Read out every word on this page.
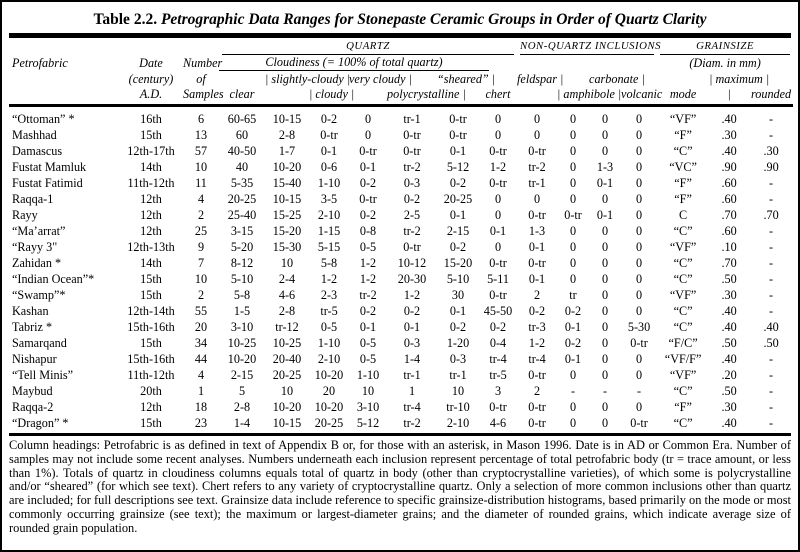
Table 2.2. Petrographic Data Ranges for Stonepaste Ceramic Groups in Order of Quartz Clarity

			QUARTZ							NON-QUARTZ INCLUSIONS				GRAINSIZE		

Petrofabric	Date	Number	Cloudiness (= 100% of total quartz)											(Diam. in mm)		
	(century)	of		| slightly-cloudy |		very cloudy |		“sheared” |		feldspar |		carbonate |			| maximum |	
	A.D.	Samples	clear		| cloudy |		polycrystalline |		chert		| amphibole |		volcanic	mode	|	rounded
“Ottoman” *	16th	6	60-65	10-15	0-2	0	tr-1	0-tr	0	0	0	0	0	“VF”	.40	-
Mashhad	15th	13	60	2-8	0-tr	0	0-tr	0-tr	0	0	0	0	0	“F”	.30	-
Damascus	12th-17th	57	40-50	1-7	0-1	0-tr	0-tr	0-1	0-tr	0-tr	0	0	0	“C”	.40	.30
Fustat Mamluk	14th	10	40	10-20	0-6	0-1	tr-2	5-12	1-2	tr-2	0	1-3	0	“VC”	.90	.90
Fustat Fatimid	11th-12th	11	5-35	15-40	1-10	0-2	0-3	0-2	0-tr	tr-1	0	0-1	0	“F”	.60	-
Raqqa-1	12th	4	20-25	10-15	3-5	0-tr	0-2	20-25	0	0	0	0	0	“F”	.60	-
Rayy	12th	2	25-40	15-25	2-10	0-2	2-5	0-1	0	0-tr	0-tr	0-1	0	C	.70	.70
“Ma’arrat”	12th	25	3-15	15-20	1-15	0-8	tr-2	2-15	0-1	1-3	0	0	0	“C”	.60	-
“Rayy 3"	12th-13th	9	5-20	15-30	5-15	0-5	0-tr	0-2	0	0-1	0	0	0	“VF”	.10	-
Zahidan *	14th	7	8-12	10	5-8	1-2	10-12	15-20	0-tr	0-tr	0	0	0	“C”	.70	-
“Indian Ocean”*	15th	10	5-10	2-4	1-2	1-2	20-30	5-10	5-11	0-1	0	0	0	“C”	.50	-
“Swamp”*	15th	2	5-8	4-6	2-3	tr-2	1-2	30	0-tr	2	tr	0	0	“VF”	.30	-
Kashan	12th-14th	55	1-5	2-8	tr-5	0-2	0-2	0-1	45-50	0-2	0-2	0	0	“C”	.40	-
Tabriz *	15th-16th	20	3-10	tr-12	0-5	0-1	0-1	0-2	0-2	tr-3	0-1	0	5-30	“C”	.40	.40
Samarqand	15th	34	10-25	10-25	1-10	0-5	0-3	1-20	0-4	1-2	0-2	0	0-tr	“F/C”	.50	.50
Nishapur	15th-16th	44	10-20	20-40	2-10	0-5	1-4	0-3	tr-4	tr-4	0-1	0	0	“VF/F”	.40	-
“Tell Minis”	11th-12th	4	2-15	20-25	10-20	1-10	tr-1	tr-1	tr-5	0-tr	0	0	0	“VF”	.20	-
Maybud	20th	1	5	10	20	10	1	10	3	2	-	-	-	“C”	.50	-
Raqqa-2	12th	18	2-8	10-20	10-20	3-10	tr-4	tr-10	0-tr	0-tr	0	0	0	“F”	.30	-
“Dragon” *	15th	23	1-4	10-15	20-25	5-12	tr-2	2-10	4-6	0-tr	0	0	0-tr	“C”	.40	-
Column headings: Petrofabric is as defined in text of Appendix B or, for those with an asterisk, in Mason 1996. Date is in AD or Common Era. Number of samples may not include some recent analyses. Numbers underneath each inclusion represent percentage of total petrofabric body (tr = trace amount, or less than 1%). Totals of quartz in cloudiness columns equals total of quartz in body (other than cryptocrystalline varieties), of which some is polycrystalline and/or “sheared” (for which see text). Chert refers to any variety of cryptocrystalline quartz. Only a selection of more common inclusions other than quartz are included; for full descriptions see text. Grainsize data include reference to specific grainsize-distribution histograms, based primarily on the mode or most commonly occurring grainsize (see text); the maximum or largest-diameter grains; and the diameter of rounded grains, which indicate average size of rounded grain population.
